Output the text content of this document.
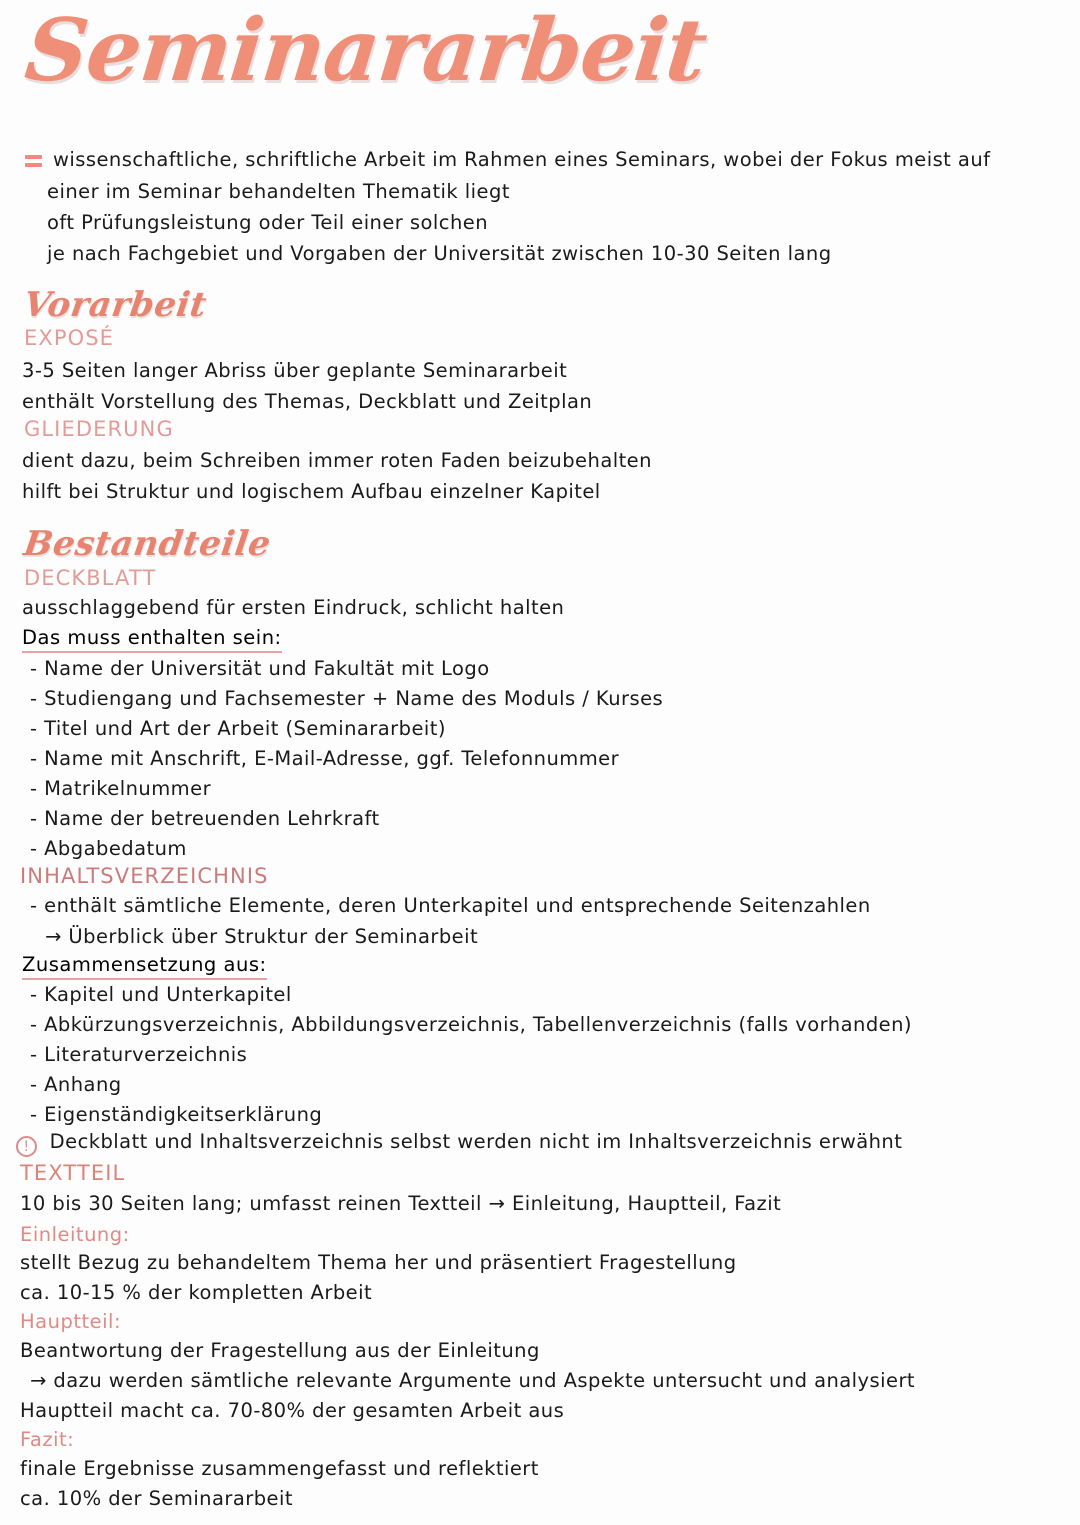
Seminararbeit
wissenschaftliche, schriftliche Arbeit im Rahmen eines Seminars, wobei der Fokus meist auf
einer im Seminar behandelten Thematik liegt
oft Prüfungsleistung oder Teil einer solchen
je nach Fachgebiet und Vorgaben der Universität zwischen 10-30 Seiten lang
Vorarbeit
EXPOSÉ
3-5 Seiten langer Abriss über geplante Seminararbeit
enthält Vorstellung des Themas, Deckblatt und Zeitplan
GLIEDERUNG
dient dazu, beim Schreiben immer roten Faden beizubehalten
hilft bei Struktur und logischem Aufbau einzelner Kapitel
Bestandteile
DECKBLATT
ausschlaggebend für ersten Eindruck, schlicht halten
Das muss enthalten sein:
- Name der Universität und Fakultät mit Logo
- Studiengang und Fachsemester + Name des Moduls / Kurses
- Titel und Art der Arbeit (Seminararbeit)
- Name mit Anschrift, E-Mail-Adresse, ggf. Telefonnummer
- Matrikelnummer
- Name der betreuenden Lehrkraft
- Abgabedatum
INHALTSVERZEICHNIS
- enthält sämtliche Elemente, deren Unterkapitel und entsprechende Seitenzahlen
→ Überblick über Struktur der Seminarbeit
Zusammensetzung aus:
- Kapitel und Unterkapitel
- Abkürzungsverzeichnis, Abbildungsverzeichnis, Tabellenverzeichnis (falls vorhanden)
- Literaturverzeichnis
- Anhang
- Eigenständigkeitserklärung
! Deckblatt und Inhaltsverzeichnis selbst werden nicht im Inhaltsverzeichnis erwähnt
TEXTTEIL
10 bis 30 Seiten lang; umfasst reinen Textteil → Einleitung, Hauptteil, Fazit
Einleitung:
stellt Bezug zu behandeltem Thema her und präsentiert Fragestellung
ca. 10-15 % der kompletten Arbeit
Hauptteil:
Beantwortung der Fragestellung aus der Einleitung
→ dazu werden sämtliche relevante Argumente und Aspekte untersucht und analysiert
Hauptteil macht ca. 70-80% der gesamten Arbeit aus
Fazit:
finale Ergebnisse zusammengefasst und reflektiert
ca. 10% der Seminararbeit
